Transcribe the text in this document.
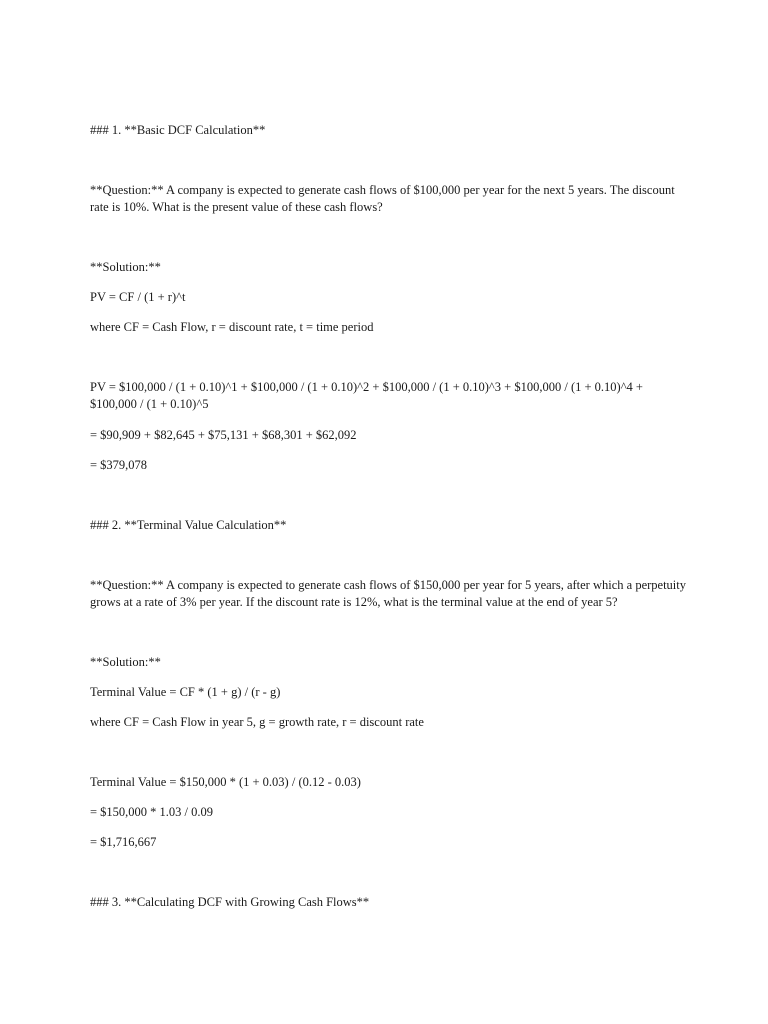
### 1. **Basic DCF Calculation**

**Question:** A company is expected to generate cash flows of $100,000 per year for the next 5 years. The discount rate is 10%. What is the present value of these cash flows?

**Solution:**

PV = CF / (1 + r)^t

where CF = Cash Flow, r = discount rate, t = time period

PV = $100,000 / (1 + 0.10)^1 + $100,000 / (1 + 0.10)^2 + $100,000 / (1 + 0.10)^3 + $100,000 / (1 + 0.10)^4 + $100,000 / (1 + 0.10)^5

= $90,909 + $82,645 + $75,131 + $68,301 + $62,092

= $379,078

### 2. **Terminal Value Calculation**

**Question:** A company is expected to generate cash flows of $150,000 per year for 5 years, after which a perpetuity grows at a rate of 3% per year. If the discount rate is 12%, what is the terminal value at the end of year 5?

**Solution:**

Terminal Value = CF * (1 + g) / (r - g)

where CF = Cash Flow in year 5, g = growth rate, r = discount rate

Terminal Value = $150,000 * (1 + 0.03) / (0.12 - 0.03)

= $150,000 * 1.03 / 0.09

= $1,716,667

### 3. **Calculating DCF with Growing Cash Flows**
